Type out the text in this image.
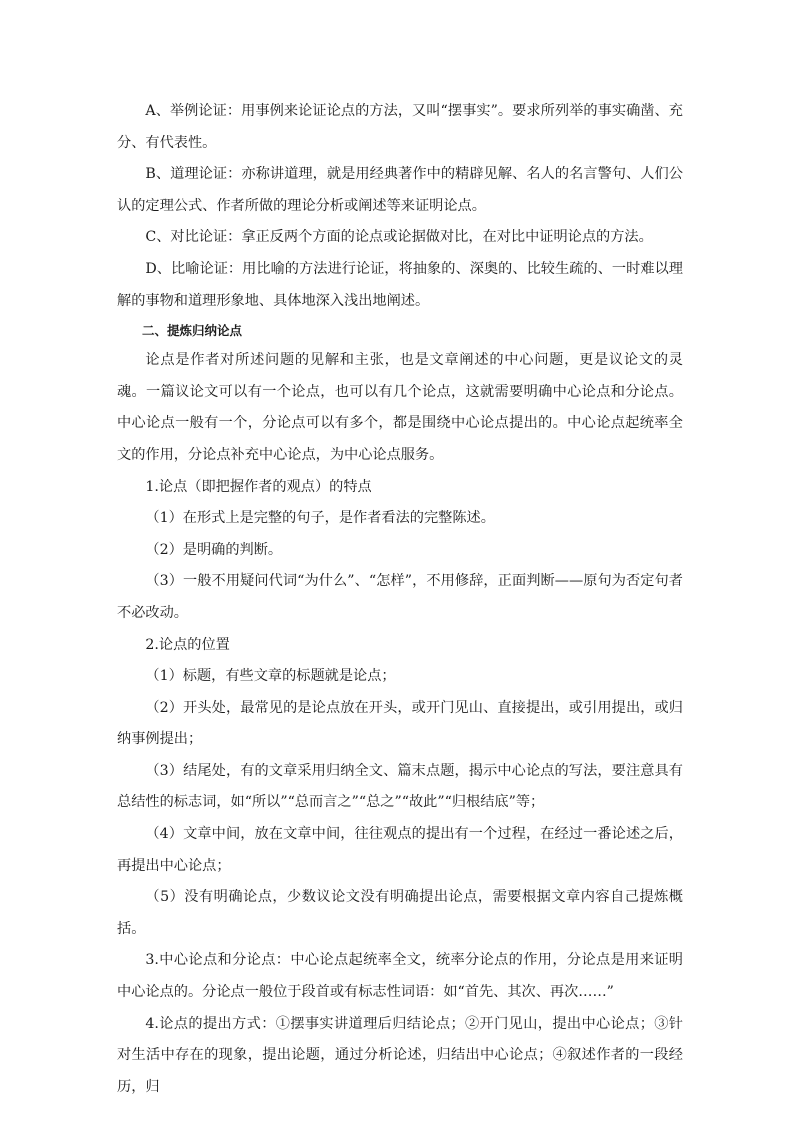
A、举例论证：用事例来论证论点的方法，又叫“摆事实”。要求所列举的事实确凿、充分、有代表性。

B、道理论证：亦称讲道理，就是用经典著作中的精辟见解、名人的名言警句、人们公认的定理公式、作者所做的理论分析或阐述等来证明论点。

C、对比论证：拿正反两个方面的论点或论据做对比，在对比中证明论点的方法。

D、比喻论证：用比喻的方法进行论证，将抽象的、深奥的、比较生疏的、一时难以理解的事物和道理形象地、具体地深入浅出地阐述。

二、提炼归纳论点

论点是作者对所述问题的见解和主张，也是文章阐述的中心问题，更是议论文的灵魂。一篇议论文可以有一个论点，也可以有几个论点，这就需要明确中心论点和分论点。中心论点一般有一个，分论点可以有多个，都是围绕中心论点提出的。中心论点起统率全文的作用，分论点补充中心论点，为中心论点服务。

1.论点（即把握作者的观点）的特点

（1）在形式上是完整的句子，是作者看法的完整陈述。

（2）是明确的判断。

（3）一般不用疑问代词“为什么”、“怎样”，不用修辞，正面判断——原句为否定句者不必改动。

2.论点的位置

（1）标题，有些文章的标题就是论点；

（2）开头处，最常见的是论点放在开头，或开门见山、直接提出，或引用提出，或归纳事例提出；

（3）结尾处，有的文章采用归纳全文、篇末点题，揭示中心论点的写法，要注意具有总结性的标志词，如“所以”“总而言之”“总之”“故此”“归根结底”等；

（4）文章中间，放在文章中间，往往观点的提出有一个过程，在经过一番论述之后，再提出中心论点；

（5）没有明确论点，少数议论文没有明确提出论点，需要根据文章内容自己提炼概括。

3.中心论点和分论点：中心论点起统率全文，统率分论点的作用，分论点是用来证明中心论点的。分论点一般位于段首或有标志性词语：如“首先、其次、再次……”

4.论点的提出方式：①摆事实讲道理后归结论点；②开门见山，提出中心论点；③针对生活中存在的现象，提出论题，通过分析论述，归结出中心论点；④叙述作者的一段经历，归
